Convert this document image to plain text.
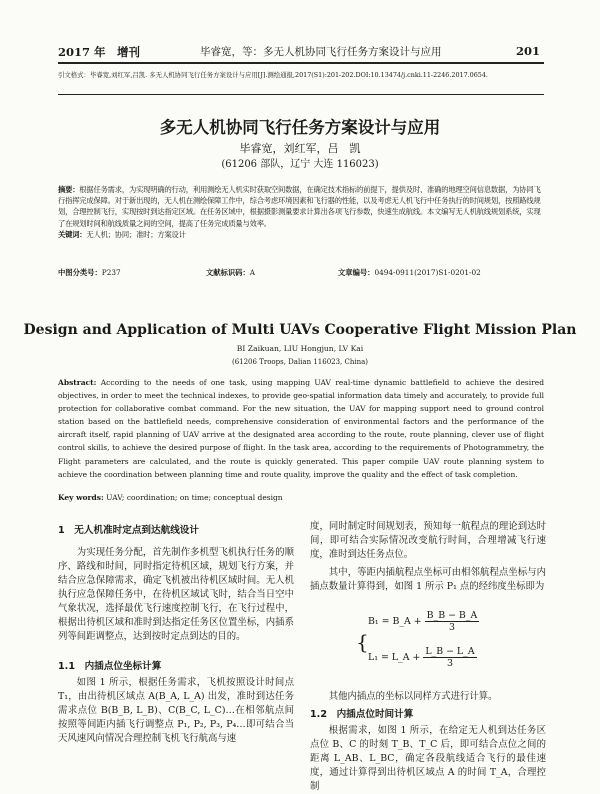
2017 年　增刊	毕睿宽，等：多无人机协同飞行任务方案设计与应用	201
引文格式：毕睿宽,刘红军,吕凯. 多无人机协同飞行任务方案设计与应用[J].测绘通报,2017(S1):201-202.DOI:10.13474/j.cnki.11-2246.2017.0654.
多无人机协同飞行任务方案设计与应用
毕睿宽，刘红军，吕　凯
(61206 部队，辽宁 大连 116023)
摘要：根据任务需求，为实现明确的行动，利用测绘无人机实时获取空间数据，在确定技术指标的前提下，提供及时、准确的地理空间信息数据，为协同飞行指挥完成保障。对于新出现的，无人机在测绘保障工作中，综合考虑环境因素和飞行器的性能，以及考虑无人机飞行中任务执行的时间规划，按照路线规划，合理控制飞行，实现按时到达指定区域。在任务区域中，根据摄影测量要求计算出各项飞行参数，快速生成航线。本文编写无人机航线规划系统，实现了在规划时间和航线质量之间的空间，提高了任务完成质量与效率。
关键词：无人机；协同；准时；方案设计
中图分类号：P237	文献标识码：A	文章编号：0494-0911(2017)S1-0201-02
Design and Application of Multi UAVs Cooperative Flight Mission Plan
BI Zaikuan, LIU Hongjun, LV Kai
(61206 Troops, Dalian 116023, China)
Abstract: According to the needs of one task, using mapping UAV real-time dynamic battlefield to achieve the desired objectives, in order to meet the technical indexes, to provide geo-spatial information data timely and accurately, to provide full protection for collaborative combat command. For the new situation, the UAV for mapping support need to ground control station based on the battlefield needs, comprehensive consideration of environmental factors and the performance of the aircraft itself, rapid planning of UAV arrive at the designated area according to the route, route planning, clever use of flight control skills, to achieve the desired purpose of flight. In the task area, according to the requirements of Photogrammetry, the Flight parameters are calculated, and the route is quickly generated. This paper compile UAV route planning system to achieve the coordination between planning time and route quality, improve the quality and the effect of task completion.
Key words: UAV; coordination; on time; conceptual design
1　无人机准时定点到达航线设计
为实现任务分配，首先制作多机型飞机执行任务的顺序、路线和时间，同时指定待机区域，规划飞行方案，并结合应急保障需求，确定飞机被出待机区域时间。无人机执行应急保障任务中，在待机区域试飞时，结合当日空中气象状况，选择最优飞行速度控制飞行，在飞行过程中，根据出待机区域和准时到达指定任务区位置坐标，内插系列等间距调整点，达到按时定点到达的目的。
1.1　内插点位坐标计算
如图 1 所示，根据任务需求，飞机按照设计时间点 T₁，由出待机区域点 A(B_A, L_A) 出发，准时到达任务需求点位 B(B_B, L_B)、C(B_C, L_C)…在相邻航点间按照等间距内插飞行调整点 P₁, P₂, P₃, P₄…即可结合当天风速风向情况合理控制飞机飞行航高与速
度，同时制定时间规划表，预知每一航程点的理论到达时间，即可结合实际情况改变航行时间，合理增减飞行速度，准时到达任务点位。
其中，等距内插航程点坐标可由相邻航程点坐标与内插点数量计算得到，如图 1 所示 P₁ 点的经纬度坐标即为
B₁ = B_A + $\frac{B\_B - B\_A}{3}$
L₁ = L_A + $\frac{L\_B - L\_A}{3}$
{
其他内插点的坐标以同样方式进行计算。
1.2　内插点位时间计算
根据需求，如图 1 所示，在给定无人机到达任务区点位 B、C 的时刻 T_B、T_C 后，即可结合点位之间的距离 L_AB、L_BC，确定各段航线适合飞行的最佳速度，通过计算得到出待机区域点 A 的时间 T_A，合理控制
